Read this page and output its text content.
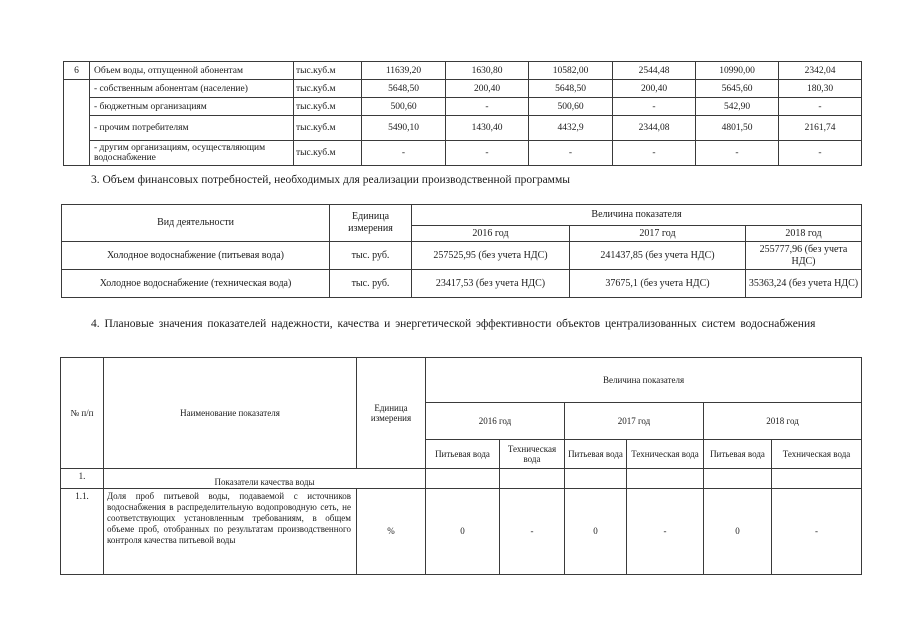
6	Объем воды, отпущенной абонентам	тыс.куб.м	11639,20	1630,80	10582,00	2544,48	10990,00	2342,04
	- собственным абонентам (население)	тыс.куб.м	5648,50	200,40	5648,50	200,40	5645,60	180,30
	- бюджетным организациям	тыс.куб.м	500,60	-	500,60	-	542,90	-
	- прочим потребителям	тыс.куб.м	5490,10	1430,40	4432,9	2344,08	4801,50	2161,74
	- другим организациям, осуществляющим водоснабжение	тыс.куб.м	-	-	-	-	-	-
3. Объем финансовых потребностей, необходимых для реализации производственной программы
Вид деятельности	Единица измерения	Величина показателя		
		2016 год	2017 год	2018 год
Холодное водоснабжение (питьевая вода)	тыс. руб.	257525,95 (без учета НДС)	241437,85 (без учета НДС)	255777,96 (без учета НДС)
Холодное водоснабжение (техническая вода)	тыс. руб.	23417,53 (без учета НДС)	37675,1 (без учета НДС)	35363,24 (без учета НДС)
4. Плановые значения показателей надежности, качества и энергетической эффективности объектов централизованных систем водоснабжения
№ п/п	Наименование показателя	Единица измерения	Величина показателя					
			2016 год		2017 год		2018 год	
			Питьевая вода	Техническая вода	Питьевая вода	Техническая вода	Питьевая вода	Техническая вода
1.	Показатели качества воды							
1.1.	Доля проб питьевой воды, подаваемой с источников водоснабжения в распределительную водопроводную сеть, не соответствующих установленным требованиям, в общем объеме проб, отобранных по результатам производственного контроля качества питьевой воды	%	0	-	0	-	0	-
